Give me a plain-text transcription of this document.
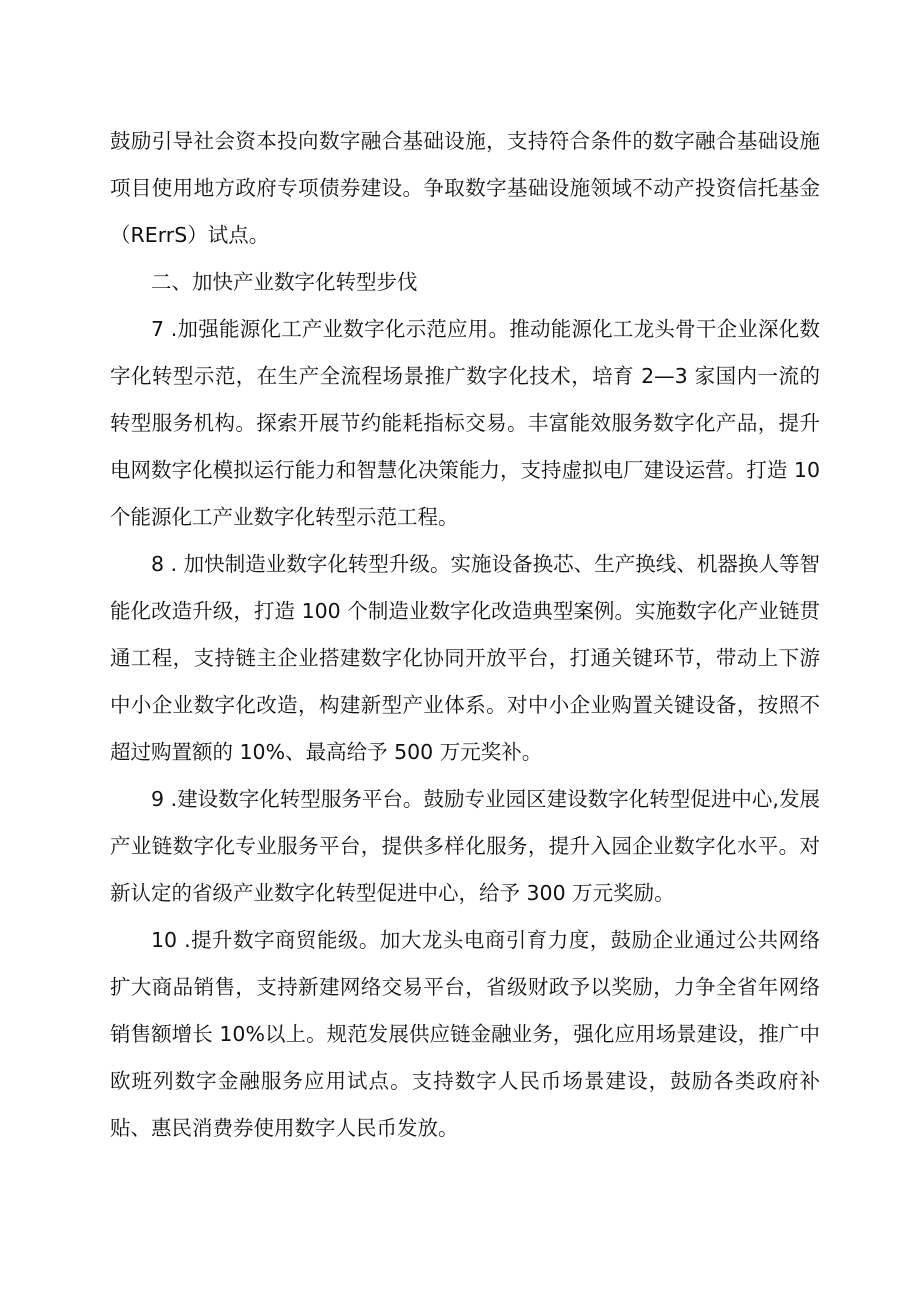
鼓励引导社会资本投向数字融合基础设施，支持符合条件的数字融合基础设施项目使用地方政府专项债券建设。争取数字基础设施领域不动产投资信托基金（RErrS）试点。

二、加快产业数字化转型步伐

7 .加强能源化工产业数字化示范应用。推动能源化工龙头骨干企业深化数字化转型示范，在生产全流程场景推广数字化技术，培育 2—3 家国内一流的转型服务机构。探索开展节约能耗指标交易。丰富能效服务数字化产品，提升电网数字化模拟运行能力和智慧化决策能力，支持虚拟电厂建设运营。打造 10 个能源化工产业数字化转型示范工程。

8 . 加快制造业数字化转型升级。实施设备换芯、生产换线、机器换人等智能化改造升级，打造 100 个制造业数字化改造典型案例。实施数字化产业链贯通工程，支持链主企业搭建数字化协同开放平台，打通关键环节，带动上下游中小企业数字化改造，构建新型产业体系。对中小企业购置关键设备，按照不超过购置额的 10%、最高给予 500 万元奖补。

9 .建设数字化转型服务平台。鼓励专业园区建设数字化转型促进中心,发展产业链数字化专业服务平台，提供多样化服务，提升入园企业数字化水平。对新认定的省级产业数字化转型促进中心，给予 300 万元奖励。

10 .提升数字商贸能级。加大龙头电商引育力度，鼓励企业通过公共网络扩大商品销售，支持新建网络交易平台，省级财政予以奖励，力争全省年网络销售额增长 10%以上。规范发展供应链金融业务，强化应用场景建设，推广中欧班列数字金融服务应用试点。支持数字人民币场景建设，鼓励各类政府补贴、惠民消费券使用数字人民币发放。
